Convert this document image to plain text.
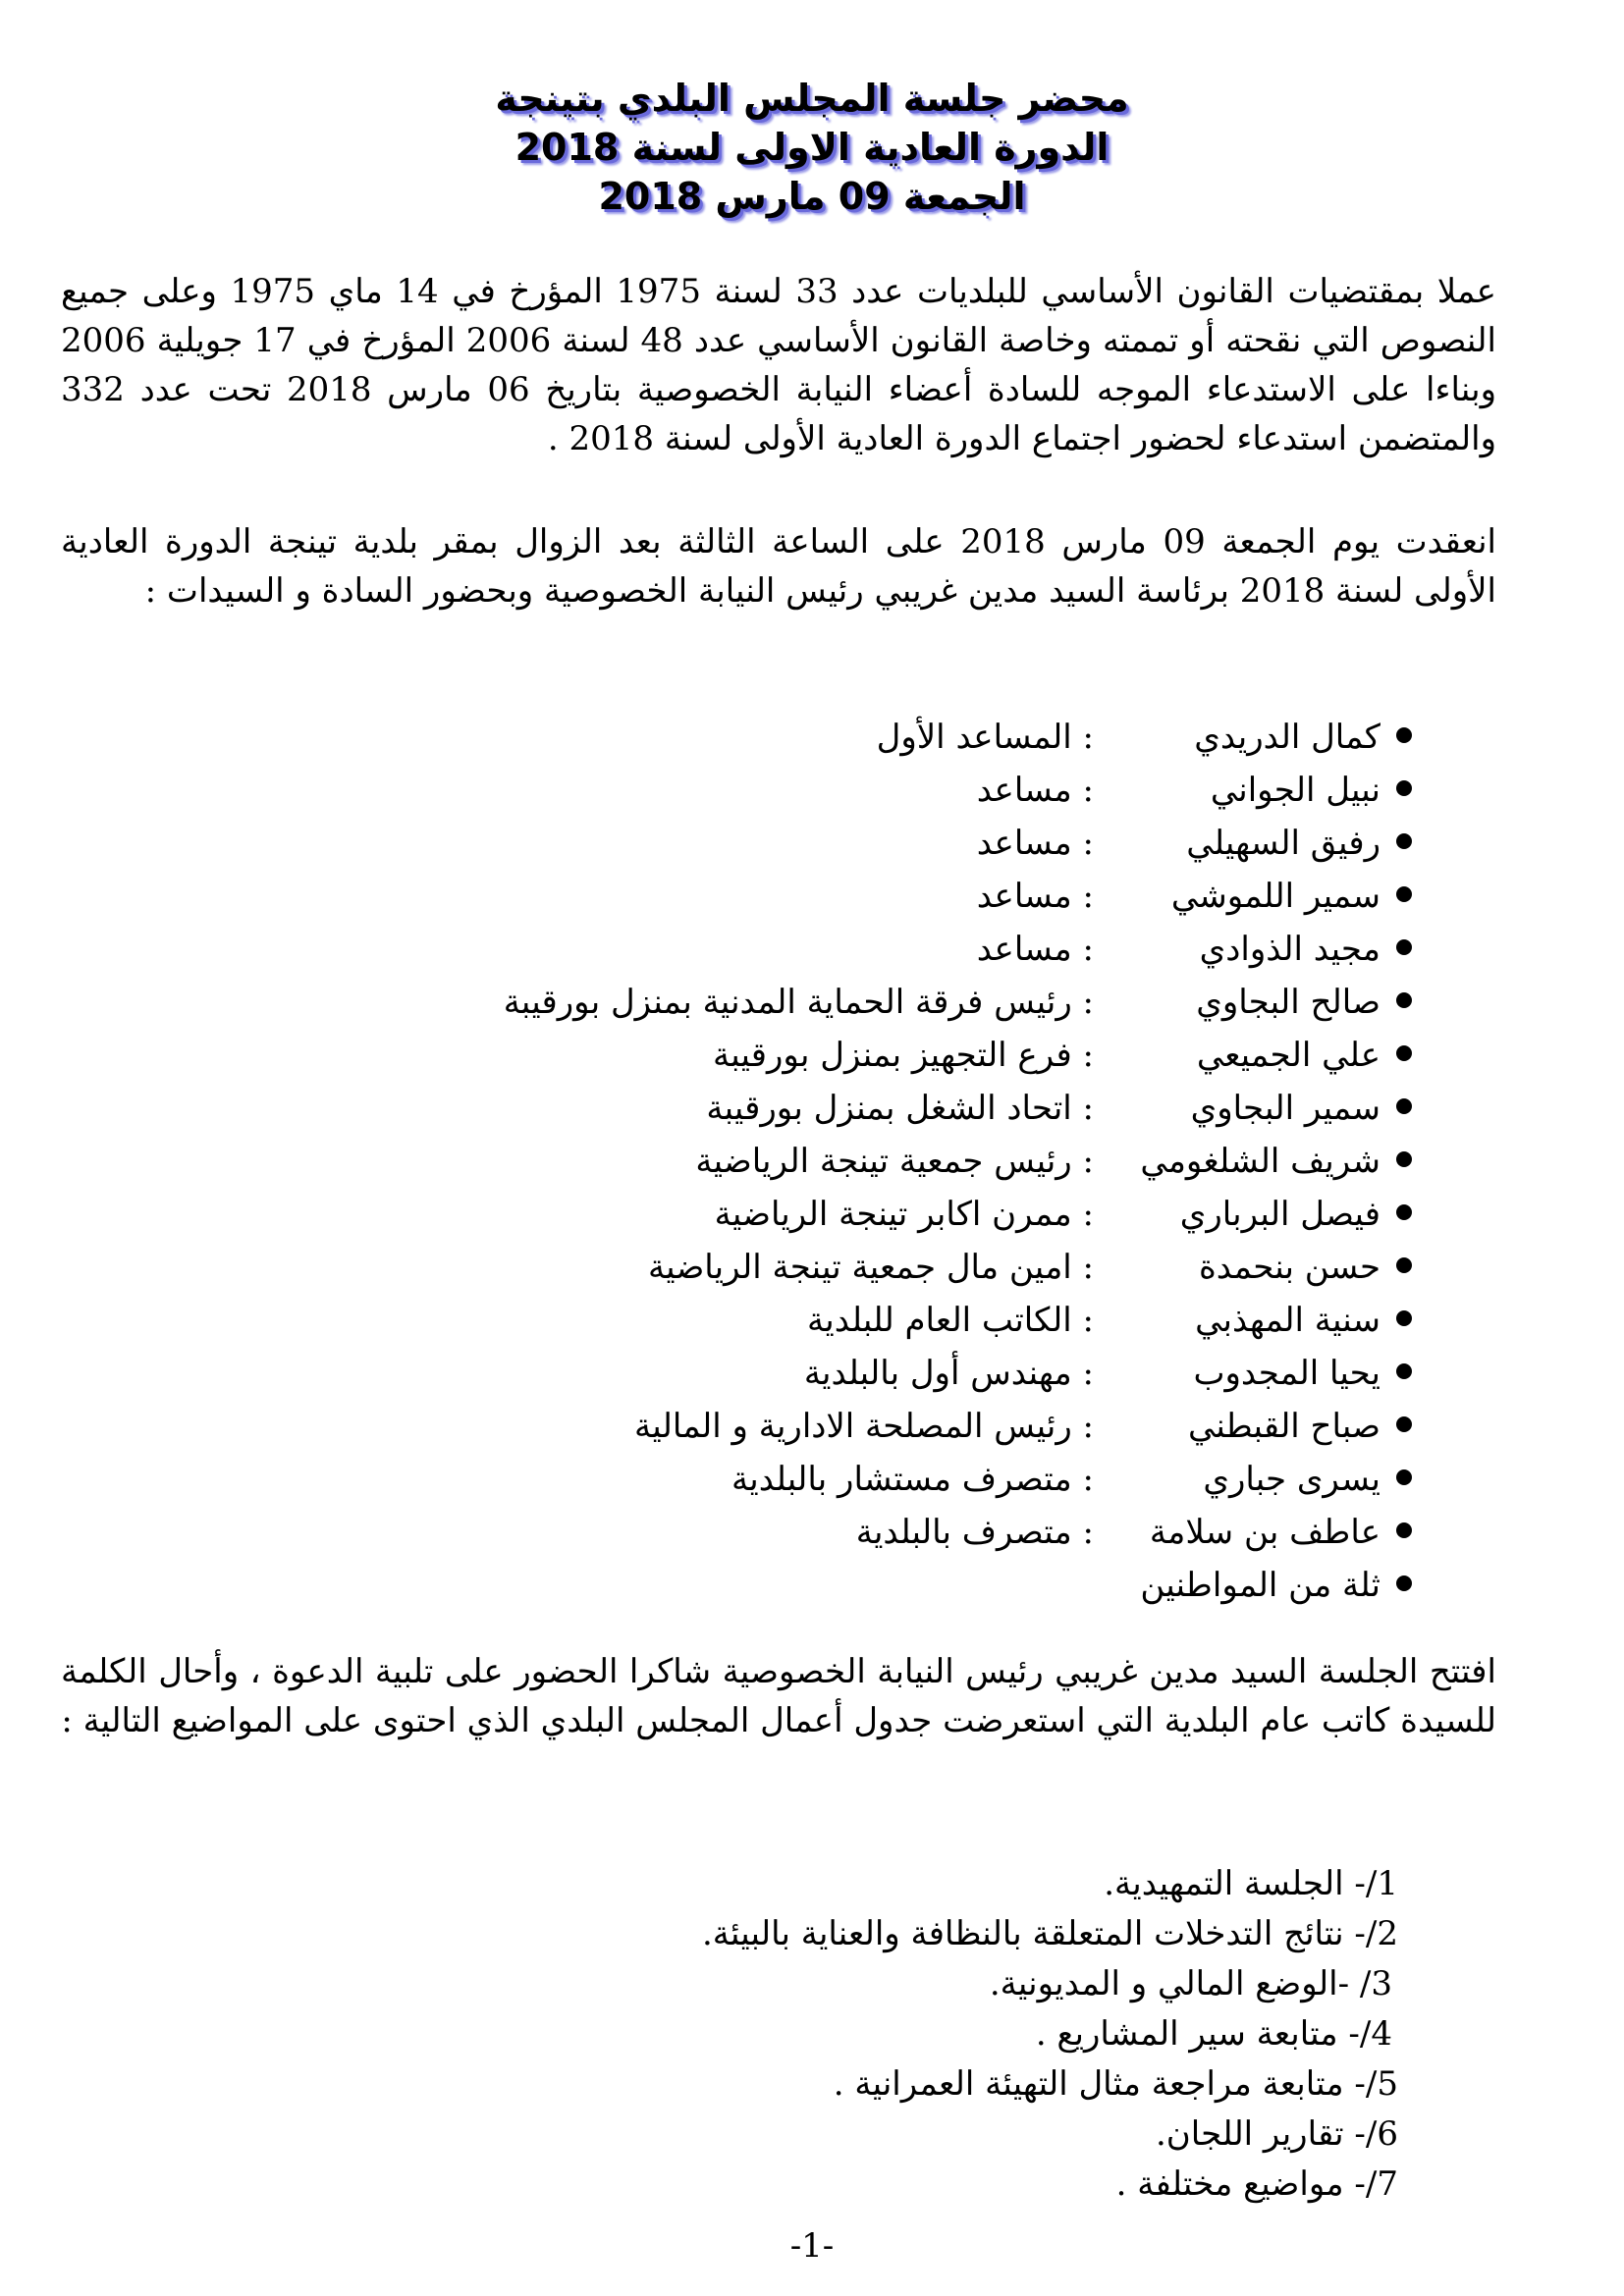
محضر جلسة المجلس البلدي بتينجة
الدورة العادية الاولى لسنة 2018
الجمعة 09 مارس 2018
عملا بمقتضيات القانون الأساسي للبلديات عدد 33 لسنة 1975 المؤرخ في 14 ماي 1975 وعلى جميع النصوص التي نقحته أو تممته وخاصة القانون الأساسي عدد 48 لسنة 2006 المؤرخ في 17 جويلية 2006 وبناءا على الاستدعاء الموجه للسادة أعضاء النيابة الخصوصية بتاريخ 06 مارس 2018 تحت عدد 332 والمتضمن استدعاء لحضور اجتماع الدورة العادية الأولى لسنة 2018 .
انعقدت يوم الجمعة 09 مارس 2018 على الساعة الثالثة بعد الزوال بمقر بلدية تينجة الدورة العادية الأولى لسنة 2018 برئاسة السيد مدين غريبي رئيس النيابة الخصوصية وبحضور السادة و السيدات :
كمال الدريدي
: المساعد الأول
نبيل الجواني
: مساعد
رفيق السهيلي
: مساعد
سمير اللموشي
: مساعد
مجيد الذوادي
: مساعد
صالح البجاوي
: رئيس فرقة الحماية المدنية بمنزل بورقيبة
علي الجميعي
: فرع التجهيز بمنزل بورقيبة
سمير البجاوي
: اتحاد الشغل بمنزل بورقيبة
شريف الشلغومي
: رئيس جمعية تينجة الرياضية
فيصل البرباري
: ممرن اكابر تينجة الرياضية
حسن بنحمدة
: امين مال جمعية تينجة الرياضية
سنية المهذبي
: الكاتب العام للبلدية
يحيا المجدوب
: مهندس أول بالبلدية
صباح القبطني
: رئيس المصلحة الادارية و المالية
يسرى جباري
: متصرف مستشار بالبلدية
عاطف بن سلامة
: متصرف بالبلدية
ثلة من المواطنين
افتتح الجلسة السيد مدين غريبي رئيس النيابة الخصوصية شاكرا الحضور على تلبية الدعوة ، وأحال الكلمة للسيدة كاتب عام البلدية التي استعرضت جدول أعمال المجلس البلدي الذي احتوى على المواضيع التالية :
1/- الجلسة التمهيدية.
2/- نتائج التدخلات المتعلقة بالنظافة والعناية بالبيئة.
3/ -الوضع المالي و المديونية.
4/- متابعة سير المشاريع .
5/- متابعة مراجعة مثال التهيئة العمرانية .
6/- تقارير اللجان.
7/- مواضيع مختلفة .
-1-
